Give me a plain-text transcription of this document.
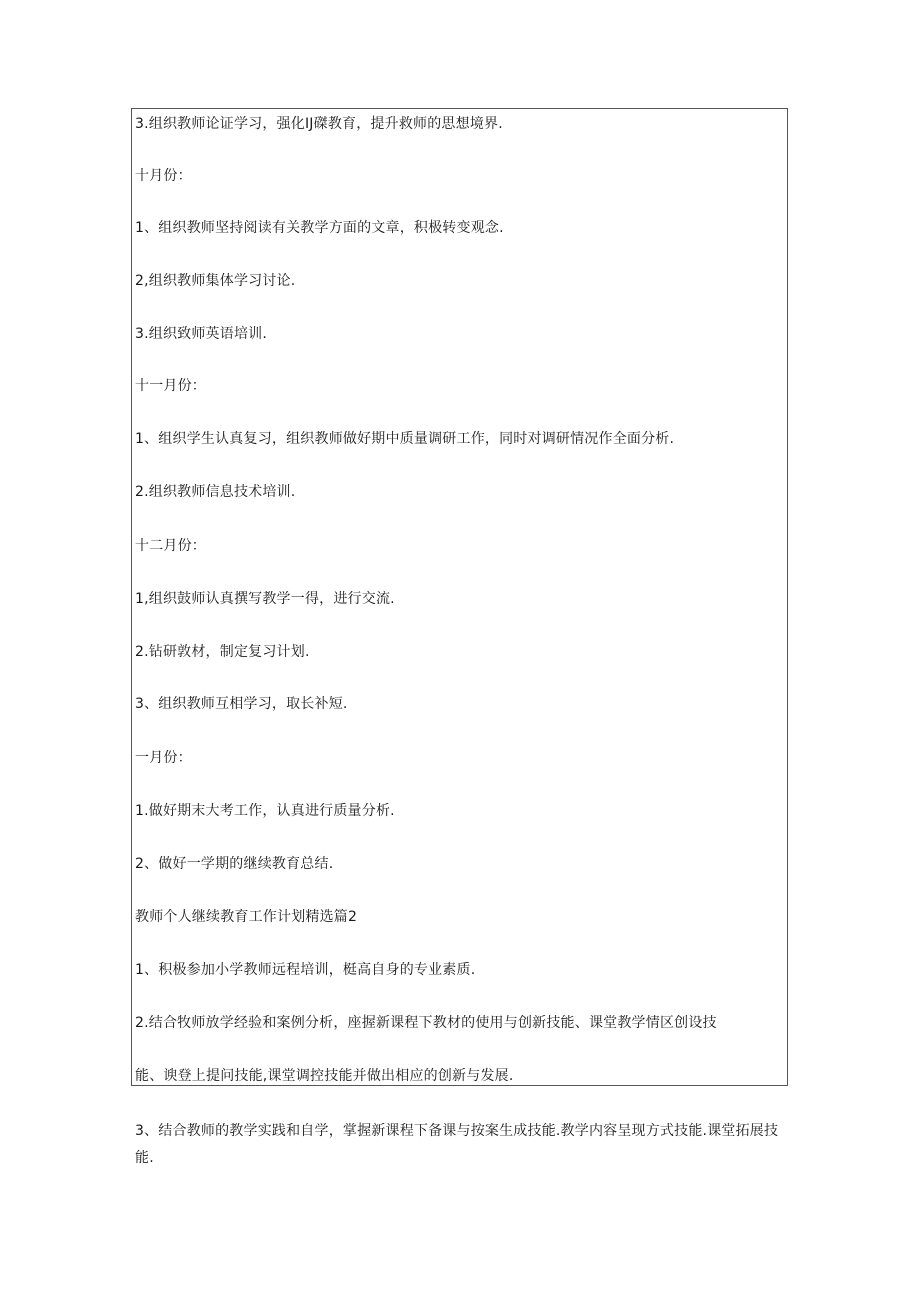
3.组织教师论证学习，强化IJ磔教育，提升救师的思想境界.
十月份：
1、组织教师坚持阅读有关教学方面的文章，积极转变观念.
2,组织教师集体学习讨论.
3.组织致师英语培训.
十一月份：
1、组织学生认真复习，组织教师做好期中质量调研工作，同时对调研情况作全面分析.
2.组织教师信息技术培训.
十二月份：
1,组织鼓师认真撰写教学一得，进行交流.
2.钻研敦材，制定复习计划.
3、组织教师互相学习，取长补短.
一月份：
1.做好期末大考工作，认真进行质量分析.
2、做好一学期的继续教育总结.
教师个人继续教育工作计划精选篇2
1、积极参加小学教师远程培训，梃高自身的专业素质.
2.结合牧师放学经验和案例分析，座握新课程下教材的使用与创新技能、课堂教学情区创设技
能、谀登上提问技能,课堂调控技能并做出相应的创新与发展.
3、结合教师的教学实践和自学，掌握新课程下备课与按案生成技能.教学内容呈现方式技能.课堂拓展技能.
